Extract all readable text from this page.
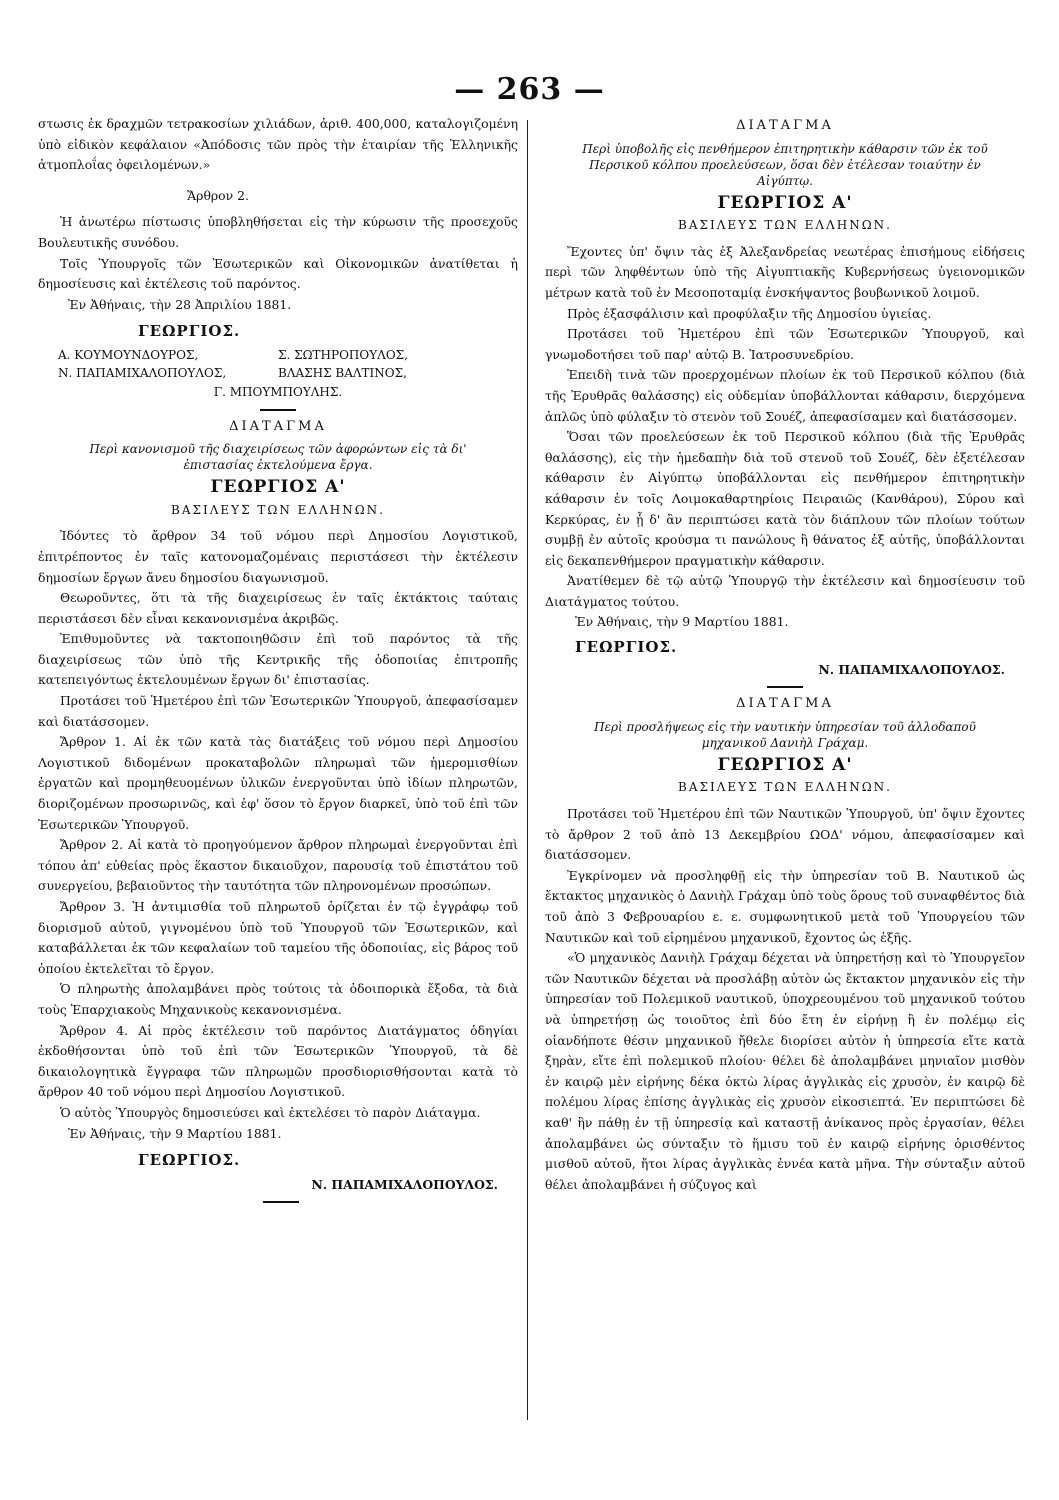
— 263 —

στωσις ἐκ δραχμῶν τετρακοσίων χιλιάδων, ἀριθ. 400,000, καταλογιζομένη ὑπὸ εἰδικὸν κεφάλαιον «Ἀπόδοσις τῶν πρὸς τὴν ἑταιρίαν τῆς Ἑλληνικῆς ἀτμοπλοΐας ὀφειλομένων.»

Ἄρθρον 2.

Ἡ ἀνωτέρω πίστωσις ὑποβληθήσεται εἰς τὴν κύρωσιν τῆς προσεχοῦς Βουλευτικῆς συνόδου.

Τοῖς Ὑπουργοῖς τῶν Ἐσωτερικῶν καὶ Οἰκονομικῶν ἀνατίθεται ἡ δημοσίευσις καὶ ἐκτέλεσις τοῦ παρόντος.

Ἐν Ἀθήναις, τὴν 28 Ἀπριλίου 1881.

ΓΕΩΡΓΙΟΣ.

Α. ΚΟΥΜΟΥΝΔΟΥΡΟΣ,	Σ. ΣΩΤΗΡΟΠΟΥΛΟΣ,
Ν. ΠΑΠΑΜΙΧΑΛΟΠΟΥΛΟΣ,	ΒΛΑΣΗΣ ΒΑΛΤΙΝΟΣ,

Γ. ΜΠΟΥΜΠΟΥΛΗΣ.

ΔΙΑΤΑΓΜΑ

Περὶ κανονισμοῦ τῆς διαχειρίσεως τῶν ἀφορώντων εἰς τὰ δι' ἐπιστασίας ἐκτελούμενα ἔργα.

ΓΕΩΡΓΙΟΣ Α'

ΒΑΣΙΛΕΥΣ ΤΩΝ ΕΛΛΗΝΩΝ.

Ἰδόντες τὸ ἄρθρον 34 τοῦ νόμου περὶ Δημοσίου Λογιστικοῦ, ἐπιτρέποντος ἐν ταῖς κατονομαζομέναις περιστάσεσι τὴν ἐκτέλεσιν δημοσίων ἔργων ἄνευ δημοσίου διαγωνισμοῦ.

Θεωροῦντες, ὅτι τὰ τῆς διαχειρίσεως ἐν ταῖς ἐκτάκτοις ταύταις περιστάσεσι δὲν εἶναι κεκανονισμένα ἀκριβῶς.

Ἐπιθυμοῦντες νὰ τακτοποιηθῶσιν ἐπὶ τοῦ παρόντος τὰ τῆς διαχειρίσεως τῶν ὑπὸ τῆς Κεντρικῆς τῆς ὁδοποιίας ἐπιτροπῆς κατεπειγόντως ἐκτελουμένων ἔργων δι' ἐπιστασίας.

Προτάσει τοῦ Ἡμετέρου ἐπὶ τῶν Ἐσωτερικῶν Ὑπουργοῦ, ἀπεφασίσαμεν καὶ διατάσσομεν.

Ἄρθρον 1. Αἱ ἐκ τῶν κατὰ τὰς διατάξεις τοῦ νόμου περὶ Δημοσίου Λογιστικοῦ διδομένων προκαταβολῶν πληρωμαὶ τῶν ἡμερομισθίων ἐργατῶν καὶ προμηθευομένων ὑλικῶν ἐνεργοῦνται ὑπὸ ἰδίων πληρωτῶν, διοριζομένων προσωρινῶς, καὶ ἐφ' ὅσον τὸ ἔργον διαρκεῖ, ὑπὸ τοῦ ἐπὶ τῶν Ἐσωτερικῶν Ὑπουργοῦ.

Ἄρθρον 2. Αἱ κατὰ τὸ προηγούμενον ἄρθρον πληρωμαὶ ἐνεργοῦνται ἐπὶ τόπου ἀπ' εὐθείας πρὸς ἕκαστον δικαιοῦχον, παρουσίᾳ τοῦ ἐπιστάτου τοῦ συνεργείου, βεβαιοῦντος τὴν ταυτότητα τῶν πληρονομένων προσώπων.

Ἄρθρον 3. Ἡ ἀντιμισθία τοῦ πληρωτοῦ ὁρίζεται ἐν τῷ ἐγγράφῳ τοῦ διορισμοῦ αὐτοῦ, γιγνομένου ὑπὸ τοῦ Ὑπουργοῦ τῶν Ἐσωτερικῶν, καὶ καταβάλλεται ἐκ τῶν κεφαλαίων τοῦ ταμείου τῆς ὁδοποιίας, εἰς βάρος τοῦ ὁποίου ἐκτελεῖται τὸ ἔργον.

Ὁ πληρωτὴς ἀπολαμβάνει πρὸς τούτοις τὰ ὁδοιπορικὰ ἔξοδα, τὰ διὰ τοὺς Ἐπαρχιακοὺς Μηχανικοὺς κεκανονισμένα.

Ἄρθρον 4. Αἱ πρὸς ἐκτέλεσιν τοῦ παρόντος Διατάγματος ὁδηγίαι ἐκδοθήσονται ὑπὸ τοῦ ἐπὶ τῶν Ἐσωτερικῶν Ὑπουργοῦ, τὰ δὲ δικαιολογητικὰ ἔγγραφα τῶν πληρωμῶν προσδιορισθήσονται κατὰ τὸ ἄρθρον 40 τοῦ νόμου περὶ Δημοσίου Λογιστικοῦ.

Ὁ αὐτὸς Ὑπουργὸς δημοσιεύσει καὶ ἐκτελέσει τὸ παρὸν Διάταγμα.

Ἐν Ἀθήναις, τὴν 9 Μαρτίου 1881.

ΓΕΩΡΓΙΟΣ.

Ν. ΠΑΠΑΜΙΧΑΛΟΠΟΥΛΟΣ.

ΔΙΑΤΑΓΜΑ

Περὶ ὑποβολῆς εἰς πενθήμερον ἐπιτηρητικὴν κάθαρσιν τῶν ἐκ τοῦ Περσικοῦ κόλπου προελεύσεων, ὅσαι δὲν ἐτέλεσαν τοιαύτην ἐν Αἰγύπτῳ.

ΓΕΩΡΓΙΟΣ Α'

ΒΑΣΙΛΕΥΣ ΤΩΝ ΕΛΛΗΝΩΝ.

Ἔχοντες ὑπ' ὄψιν τὰς ἐξ Ἀλεξανδρείας νεωτέρας ἐπισήμους εἰδήσεις περὶ τῶν ληφθέντων ὑπὸ τῆς Αἰγυπτιακῆς Κυβερνήσεως ὑγειονομικῶν μέτρων κατὰ τοῦ ἐν Μεσοποταμίᾳ ἐνσκήψαντος βουβωνικοῦ λοιμοῦ.

Πρὸς ἐξασφάλισιν καὶ προφύλαξιν τῆς Δημοσίου ὑγιείας.

Προτάσει τοῦ Ἡμετέρου ἐπὶ τῶν Ἐσωτερικῶν Ὑπουργοῦ, καὶ γνωμοδοτήσει τοῦ παρ' αὐτῷ Β. Ἰατροσυνεδρίου.

Ἐπειδὴ τινὰ τῶν προερχομένων πλοίων ἐκ τοῦ Περσικοῦ κόλπου (διὰ τῆς Ἐρυθρᾶς θαλάσσης) εἰς οὐδεμίαν ὑποβάλλονται κάθαρσιν, διερχόμενα ἁπλῶς ὑπὸ φύλαξιν τὸ στενὸν τοῦ Σουέζ, ἀπεφασίσαμεν καὶ διατάσσομεν.

Ὅσαι τῶν προελεύσεων ἐκ τοῦ Περσικοῦ κόλπου (διὰ τῆς Ἐρυθρᾶς θαλάσσης), εἰς τὴν ἡμεδαπὴν διὰ τοῦ στενοῦ τοῦ Σουέζ, δὲν ἐξετέλεσαν κάθαρσιν ἐν Αἰγύπτῳ ὑποβάλλονται εἰς πενθήμερον ἐπιτηρητικὴν κάθαρσιν ἐν τοῖς Λοιμοκαθαρτηρίοις Πειραιῶς (Κανθάρου), Σύρου καὶ Κερκύρας, ἐν ᾗ δ' ἂν περιπτώσει κατὰ τὸν διάπλουν τῶν πλοίων τούτων συμβῇ ἐν αὐτοῖς κρούσμα τι πανώλους ἢ θάνατος ἐξ αὐτῆς, ὑποβάλλονται εἰς δεκαπενθήμερον πραγματικὴν κάθαρσιν.

Ἀνατίθεμεν δὲ τῷ αὐτῷ Ὑπουργῷ τὴν ἐκτέλεσιν καὶ δημοσίευσιν τοῦ Διατάγματος τούτου.

Ἐν Ἀθήναις, τὴν 9 Μαρτίου 1881.

ΓΕΩΡΓΙΟΣ.

Ν. ΠΑΠΑΜΙΧΑΛΟΠΟΥΛΟΣ.

ΔΙΑΤΑΓΜΑ

Περὶ προσλήψεως εἰς τὴν ναυτικὴν ὑπηρεσίαν τοῦ ἀλλοδαποῦ μηχανικοῦ Δανιὴλ Γράχαμ.

ΓΕΩΡΓΙΟΣ Α'

ΒΑΣΙΛΕΥΣ ΤΩΝ ΕΛΛΗΝΩΝ.

Προτάσει τοῦ Ἡμετέρου ἐπὶ τῶν Ναυτικῶν Ὑπουργοῦ, ὑπ' ὄψιν ἔχοντες τὸ ἄρθρον 2 τοῦ ἀπὸ 13 Δεκεμβρίου ΩΟΔ' νόμου, ἀπεφασίσαμεν καὶ διατάσσομεν.

Ἐγκρίνομεν νὰ προσληφθῇ εἰς τὴν ὑπηρεσίαν τοῦ Β. Ναυτικοῦ ὡς ἔκτακτος μηχανικὸς ὁ Δανιὴλ Γράχαμ ὑπὸ τοὺς ὅρους τοῦ συναφθέντος διὰ τοῦ ἀπὸ 3 Φεβρουαρίου ε. ε. συμφωνητικοῦ μετὰ τοῦ Ὑπουργείου τῶν Ναυτικῶν καὶ τοῦ εἰρημένου μηχανικοῦ, ἔχοντος ὡς ἑξῆς.

«Ὁ μηχανικὸς Δανιὴλ Γράχαμ δέχεται νὰ ὑπηρετήσῃ καὶ τὸ Ὑπουργεῖον τῶν Ναυτικῶν δέχεται νὰ προσλάβῃ αὐτὸν ὡς ἔκτακτον μηχανικὸν εἰς τὴν ὑπηρεσίαν τοῦ Πολεμικοῦ ναυτικοῦ, ὑποχρεουμένου τοῦ μηχανικοῦ τούτου νὰ ὑπηρετήσῃ ὡς τοιοῦτος ἐπὶ δύο ἔτη ἐν εἰρήνῃ ἢ ἐν πολέμῳ εἰς οἱανδήποτε θέσιν μηχανικοῦ ἤθελε διορίσει αὐτὸν ἡ ὑπηρεσία εἴτε κατὰ ξηρὰν, εἴτε ἐπὶ πολεμικοῦ πλοίου· θέλει δὲ ἀπολαμβάνει μηνιαῖον μισθὸν ἐν καιρῷ μὲν εἰρήνης δέκα ὀκτὼ λίρας ἀγγλικὰς εἰς χρυσὸν, ἐν καιρῷ δὲ πολέμου λίρας ἐπίσης ἀγγλικὰς εἰς χρυσὸν εἰκοσιεπτά. Ἐν περιπτώσει δὲ καθ' ἣν πάθῃ ἐν τῇ ὑπηρεσίᾳ καὶ καταστῇ ἀνίκανος πρὸς ἐργασίαν, θέλει ἀπολαμβάνει ὡς σύνταξιν τὸ ἥμισυ τοῦ ἐν καιρῷ εἰρήνης ὁρισθέντος μισθοῦ αὐτοῦ, ἤτοι λίρας ἀγγλικὰς ἐννέα κατὰ μῆνα. Τὴν σύνταξιν αὐτοῦ θέλει ἀπολαμβάνει ἡ σύζυγος καὶ
